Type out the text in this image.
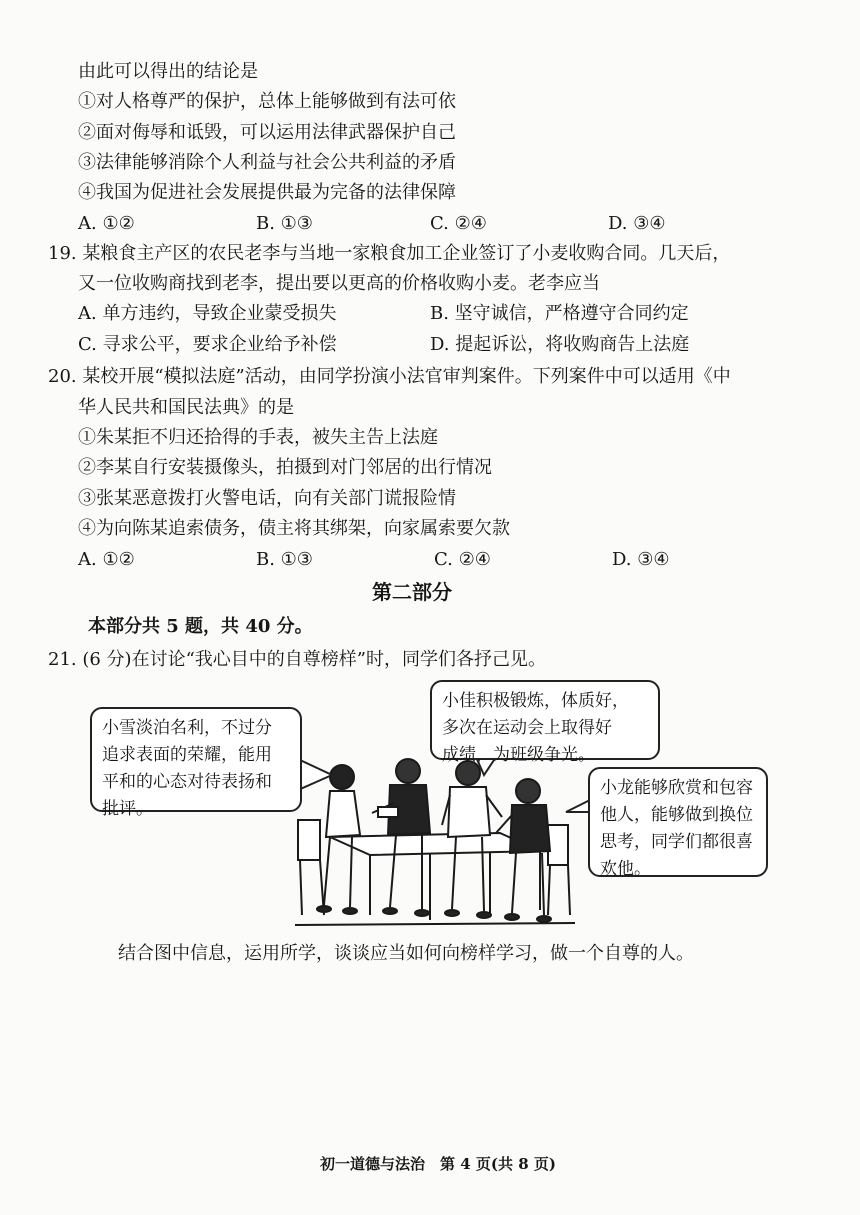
由此可以得出的结论是
①对人格尊严的保护，总体上能够做到有法可依
②面对侮辱和诋毁，可以运用法律武器保护自己
③法律能够消除个人利益与社会公共利益的矛盾
④我国为促进社会发展提供最为完备的法律保障
A. ①②	B. ①③	C. ②④	D. ③④
19. 某粮食主产区的农民老李与当地一家粮食加工企业签订了小麦收购合同。几天后，
又一位收购商找到老李，提出要以更高的价格收购小麦。老李应当
A. 单方违约，导致企业蒙受损失	B. 坚守诚信，严格遵守合同约定
C. 寻求公平，要求企业给予补偿	D. 提起诉讼，将收购商告上法庭
20. 某校开展“模拟法庭”活动，由同学扮演小法官审判案件。下列案件中可以适用《中
华人民共和国民法典》的是
①朱某拒不归还拾得的手表，被失主告上法庭
②李某自行安装摄像头，拍摄到对门邻居的出行情况
③张某恶意拨打火警电话，向有关部门谎报险情
④为向陈某追索债务，债主将其绑架，向家属索要欠款
A. ①②	B. ①③	C. ②④	D. ③④
第二部分
本部分共 5 题，共 40 分。
21. (6 分)在讨论“我心目中的自尊榜样”时，同学们各抒己见。
小雪淡泊名利，不过分
追求表面的荣耀，能用
平和的心态对待表扬和
批评。
小佳积极锻炼，体质好，
多次在运动会上取得好
成绩，为班级争光。
小龙能够欣赏和包容
他人，能够做到换位
思考，同学们都很喜
欢他。
结合图中信息，运用所学，谈谈应当如何向榜样学习，做一个自尊的人。
初一道德与法治　第 4 页(共 8 页)
